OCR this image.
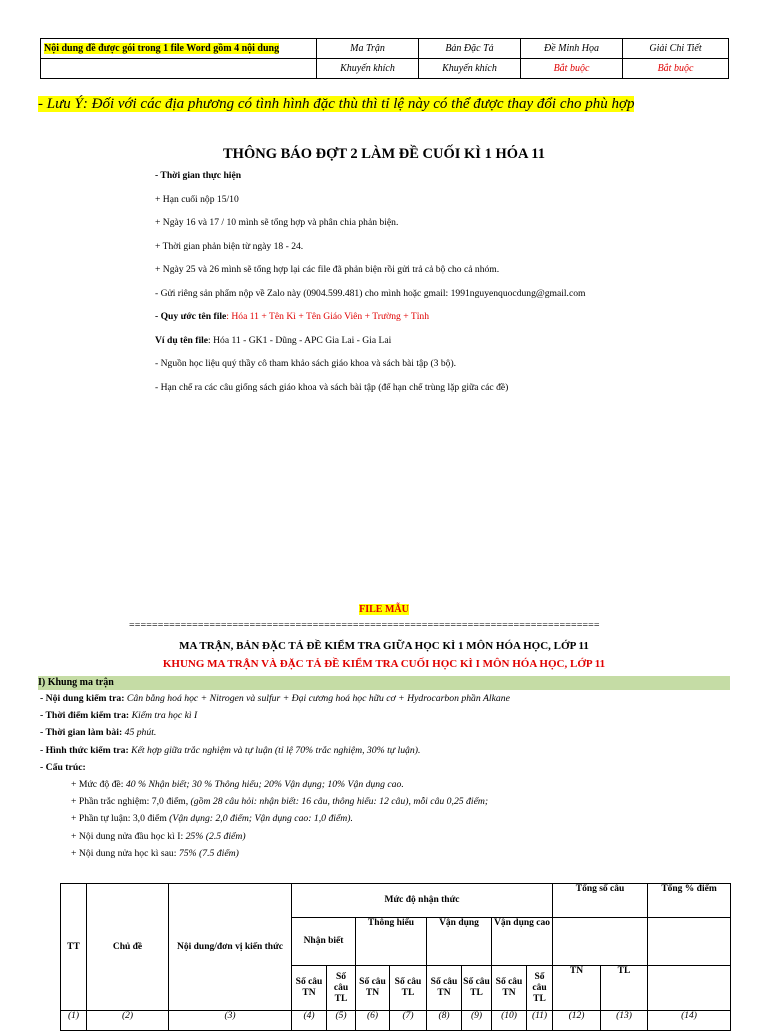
Nội dung đề được gói trong 1 file Word gồm 4 nội dung	Ma Trận	Bản Đặc Tả	Đề Minh Họa	Giải Chi Tiết
	Khuyến khích	Khuyến khích	Bắt buộc	Bắt buộc
- Lưu Ý: Đối với các địa phương có tình hình đặc thù thì tỉ lệ này có thể được thay đổi cho phù hợp
THÔNG BÁO ĐỢT 2 LÀM ĐỀ CUỐI KÌ 1 HÓA 11

- Thời gian thực hiện

+ Hạn cuối nộp 15/10

+ Ngày 16 và 17 / 10 mình sẽ tổng hợp và phân chia phản biện.

+ Thời gian phản biện từ ngày 18 - 24.

+ Ngày 25 và 26 mình sẽ tổng hợp lại các file đã phản biện rồi gửi trả cả bộ cho cả nhóm.

- Gửi riêng sản phẩm nộp về Zalo này (0904.599.481) cho mình hoặc gmail: 1991nguyenquocdung@gmail.com

- Quy ước tên file: Hóa 11 + Tên Kì + Tên Giáo Viên + Trường + Tỉnh

Ví dụ tên file: Hóa 11 - GK1 - Dũng - APC Gia Lai - Gia Lai

- Nguồn học liệu quý thầy cô tham khảo sách giáo khoa và sách bài tập (3 bộ).

- Hạn chế ra các câu giống sách giáo khoa và sách bài tập (để hạn chế trùng lặp giữa các đề)

FILE MẪU
==================================================================================
MA TRẬN, BẢN ĐẶC TẢ ĐỀ KIỂM TRA GIỮA HỌC KÌ 1 MÔN HÓA HỌC, LỚP 11
KHUNG MA TRẬN VÀ ĐẶC TẢ ĐỀ KIỂM TRA CUỐI HỌC KÌ I MÔN HÓA HỌC, LỚP 11
I) Khung ma trận

- Nội dung kiểm tra: Cân bằng hoá học + Nitrogen và sulfur + Đại cương hoá học hữu cơ + Hydrocarbon phần Alkane

- Thời điểm kiểm tra: Kiểm tra học kì I

- Thời gian làm bài: 45 phút.

- Hình thức kiểm tra: Kết hợp giữa trắc nghiệm và tự luận (tỉ lệ 70% trắc nghiệm, 30% tự luận).

- Cấu trúc:

+ Mức độ đề: 40 % Nhận biết; 30 % Thông hiểu; 20% Vận dụng; 10% Vận dụng cao.

+ Phần trắc nghiệm: 7,0 điểm, (gồm 28 câu hỏi: nhận biết: 16 câu, thông hiểu: 12 câu), mỗi câu 0,25 điểm;

+ Phần tự luận: 3,0 điểm (Vận dụng: 2,0 điểm; Vận dụng cao: 1,0 điểm).

+ Nội dung nửa đầu học kì I: 25% (2.5 điểm)

+ Nội dung nửa học kì sau: 75% (7.5 điểm)

TT	Chủ đề	Nội dung/đơn vị kiến thức	Mức độ nhận thức								Tổng số câu		Tổng % điểm
			Nhận biết		Thông hiểu		Vận dụng		Vận dụng cao				
			Số câu TN	Số câu TL	Số câu TN	Số câu TL	Số câu TN	Số câu TL	Số câu TN	Số câu TL	TN	TL	
(1)	(2)	(3)	(4)	(5)	(6)	(7)	(8)	(9)	(10)	(11)	(12)	(13)	(14)
